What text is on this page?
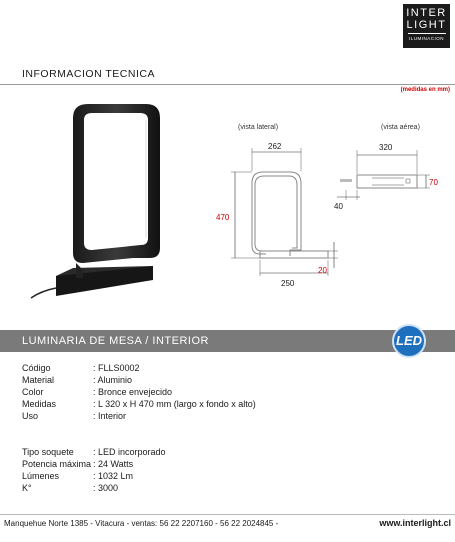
INTER
LIGHT
ILUMINACION
INFORMACION TECNICA
(medidas en mm)
(vista lateral)	(vista aérea)
262
470
250
20
320
70
40
LUMINARIA DE MESA / INTERIOR	LED
Código	: FLLS0002
Material	: Aluminio
Color	: Bronce envejecido
Medidas	: L 320 x H 470 mm (largo x fondo x alto)
Uso	: Interior
Tipo soquete	: LED incorporado
Potencia máxima : 24 Watts
Lúmenes	: 1032 Lm
K°	: 3000
Manquehue Norte 1385 - Vitacura - ventas: 56 22 2207160 - 56 22 2024845 -	www.interlight.cl
